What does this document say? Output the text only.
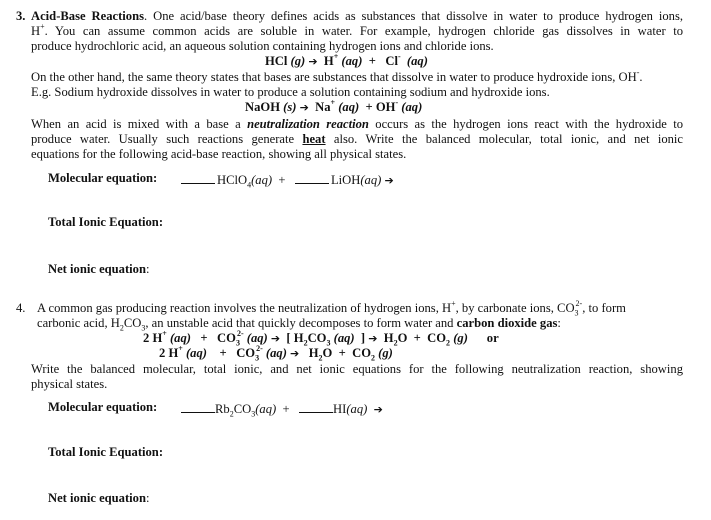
3. Acid-Base Reactions. One acid/base theory defines acids as substances that dissolve in water to produce hydrogen ions,
H+. You can assume common acids are soluble in water. For example, hydrogen chloride gas dissolves in water to
produce hydrochloric acid, an aqueous solution containing hydrogen ions and chloride ions.
HCl (g) ➔ H+ (aq) + Cl- (aq)
On the other hand, the same theory states that bases are substances that dissolve in water to produce hydroxide ions, OH-.
E.g. Sodium hydroxide dissolves in water to produce a solution containing sodium and hydroxide ions.
NaOH (s) ➔ Na+ (aq) + OH- (aq)
When an acid is mixed with a base a neutralization reaction occurs as the hydrogen ions react with the hydroxide to
produce water. Usually such reactions generate heat also. Write the balanced molecular, total ionic, and net ionic
equations for the following acid-base reaction, showing all physical states.
Molecular equation:	HClO$_4$(aq) +	LiOH(aq) ➔
Total Ionic Equation:
Net ionic equation:
4. A common gas producing reaction involves the neutralization of hydrogen ions, H+, by carbonate ions, $CO_3^{2-}$, to form
carbonic acid, $H_2CO_3$, an unstable acid that quickly decomposes to form water and carbon dioxide gas:
2 H+ $(aq) + CO_3^{2-}$ (aq) ➔ [ $H_2CO_3$ (aq) ] ➔ $H_2O + CO_2$ (g) or
2 H+ $(aq) + CO_3^{2-}$ (aq) ➔ $H_2O + CO_2$ (g)
Write the balanced molecular, total ionic, and net ionic equations for the following neutralization reaction, showing
physical states.
Molecular equation:	$Rb_2CO_3(aq)$ +	HI(aq) ➔
Total Ionic Equation:
Net ionic equation:
